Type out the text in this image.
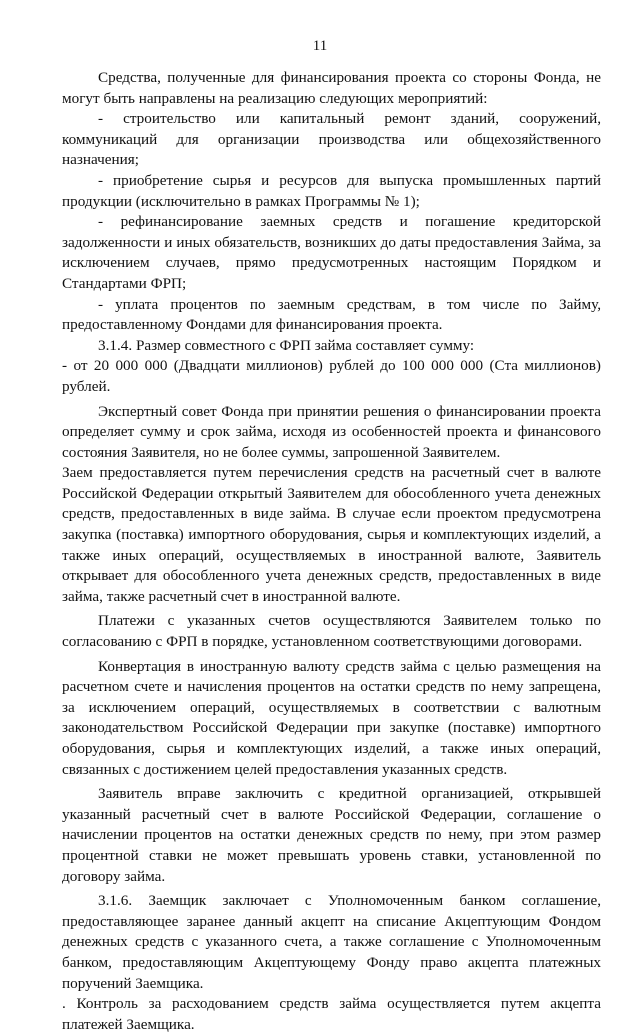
11

Средства, полученные для финансирования проекта со стороны Фонда, не могут быть направлены на реализацию следующих мероприятий:

- строительство или капитальный ремонт зданий, сооружений, коммуникаций для организации производства или общехозяйственного назначения;

- приобретение сырья и ресурсов для выпуска промышленных партий продукции (исключительно в рамках Программы № 1);

- рефинансирование заемных средств и погашение кредиторской задолженности и иных обязательств, возникших до даты предоставления Займа, за исключением случаев, прямо предусмотренных настоящим Порядком и Стандартами ФРП;

- уплата процентов по заемным средствам, в том числе по Займу, предоставленному Фондами для финансирования проекта.

3.1.4. Размер совместного с ФРП займа составляет сумму:

- от 20 000 000 (Двадцати миллионов) рублей до 100 000 000 (Ста миллионов) рублей.

Экспертный совет Фонда при принятии решения о финансировании проекта определяет сумму и срок займа, исходя из особенностей проекта и финансового состояния Заявителя, но не более суммы, запрошенной Заявителем.

Заем предоставляется путем перечисления средств на расчетный счет в валюте Российской Федерации открытый Заявителем для обособленного учета денежных средств, предоставленных в виде займа. В случае если проектом предусмотрена закупка (поставка) импортного оборудования, сырья и комплектующих изделий, а также иных операций, осуществляемых в иностранной валюте, Заявитель открывает для обособленного учета денежных средств, предоставленных в виде займа, также расчетный счет в иностранной валюте.

Платежи с указанных счетов осуществляются Заявителем только по согласованию с ФРП в порядке, установленном соответствующими договорами.

Конвертация в иностранную валюту средств займа с целью размещения на расчетном счете и начисления процентов на остатки средств по нему запрещена, за исключением операций, осуществляемых в соответствии с валютным законодательством Российской Федерации при закупке (поставке) импортного оборудования, сырья и комплектующих изделий, а также иных операций, связанных с достижением целей предоставления указанных средств.

Заявитель вправе заключить с кредитной организацией, открывшей указанный расчетный счет в валюте Российской Федерации, соглашение о начислении процентов на остатки денежных средств по нему, при этом размер процентной ставки не может превышать уровень ставки, установленной по договору займа.

3.1.6. Заемщик заключает с Уполномоченным банком соглашение, предоставляющее заранее данный акцепт на списание Акцептующим Фондом денежных средств с указанного счета, а также соглашение с Уполномоченным банком, предоставляющим Акцептующему Фонду право акцепта платежных поручений Заемщика.

. Контроль за расходованием средств займа осуществляется путем акцепта платежей Заемщика.
